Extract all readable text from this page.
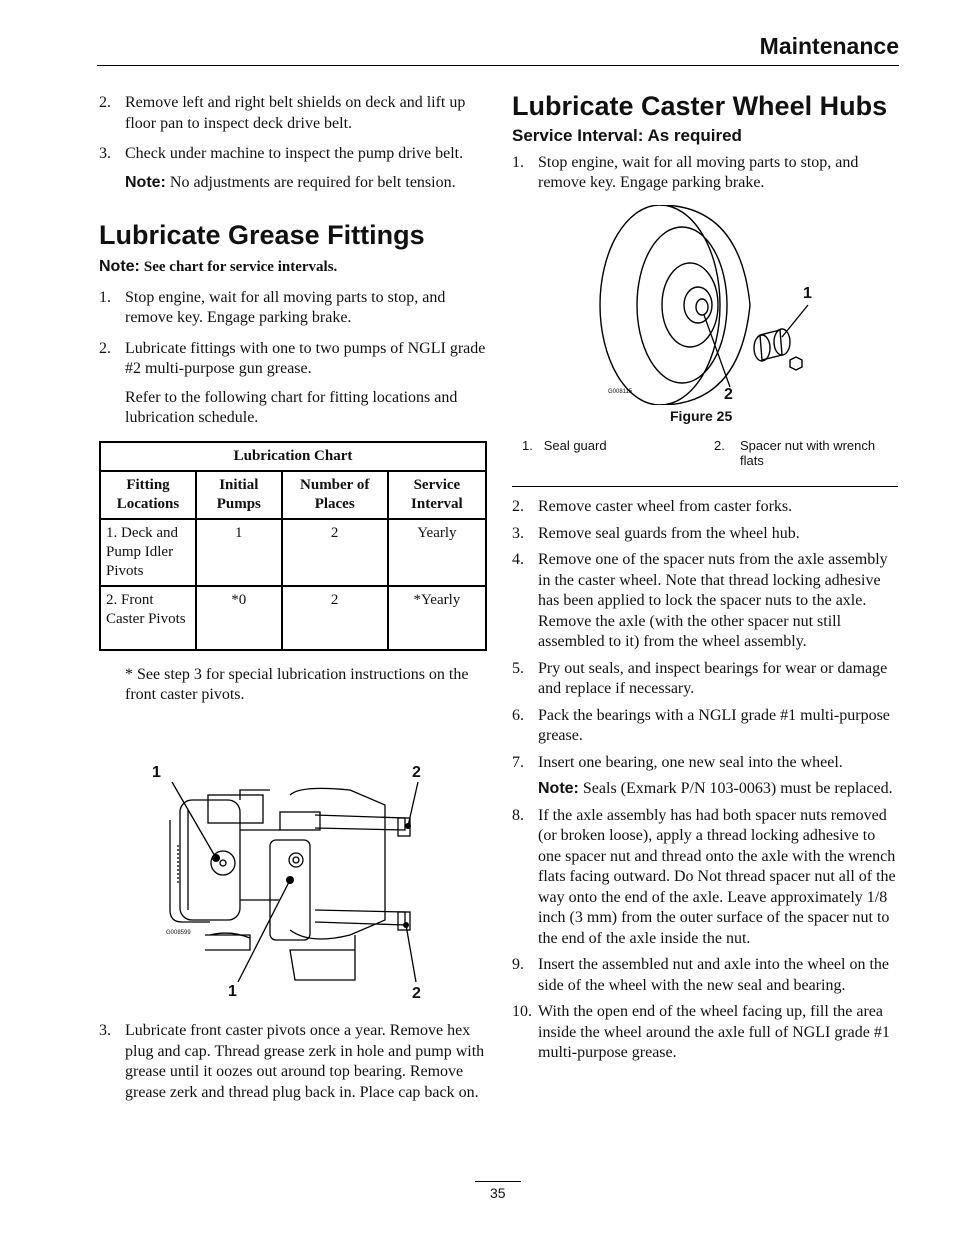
Maintenance
2. Remove left and right belt shields on deck and lift up floor pan to inspect deck drive belt.
3. Check under machine to inspect the pump drive belt.
Note: No adjustments are required for belt tension.
Lubricate Grease Fittings
Note: See chart for service intervals.
1. Stop engine, wait for all moving parts to stop, and remove key. Engage parking brake.
2. Lubricate fittings with one to two pumps of NGLI grade #2 multi-purpose gun grease.
Refer to the following chart for fitting locations and lubrication schedule.
Lubrication Chart			
Fitting Locations	Initial Pumps	Number of Places	Service Interval
1. Deck and Pump Idler Pivots	1	2	Yearly
2. Front Caster Pivots	*0	2	*Yearly
* See step 3 for special lubrication instructions on the front caster pivots.
1	2
1	2
G008599
3. Lubricate front caster pivots once a year. Remove hex plug and cap. Thread grease zerk in hole and pump with grease until it oozes out around top bearing. Remove grease zerk and thread plug back in. Place cap back on.
Lubricate Caster Wheel Hubs
Service Interval: As required
1. Stop engine, wait for all moving parts to stop, and remove key. Engage parking brake.
1
2
G008115
Figure 25
1. Seal guard	2.	Spacer nut with wrench flats
2. Remove caster wheel from caster forks.
3. Remove seal guards from the wheel hub.
4. Remove one of the spacer nuts from the axle assembly in the caster wheel. Note that thread locking adhesive has been applied to lock the spacer nuts to the axle. Remove the axle (with the other spacer nut still assembled to it) from the wheel assembly.
5. Pry out seals, and inspect bearings for wear or damage and replace if necessary.
6. Pack the bearings with a NGLI grade #1 multi-purpose grease.
7. Insert one bearing, one new seal into the wheel.
Note: Seals (Exmark P/N 103-0063) must be replaced.
8. If the axle assembly has had both spacer nuts removed (or broken loose), apply a thread locking adhesive to one spacer nut and thread onto the axle with the wrench flats facing outward. Do Not thread spacer nut all of the way onto the end of the axle. Leave approximately 1/8 inch (3 mm) from the outer surface of the spacer nut to the end of the axle inside the nut.
9. Insert the assembled nut and axle into the wheel on the side of the wheel with the new seal and bearing.
10. With the open end of the wheel facing up, fill the area inside the wheel around the axle full of NGLI grade #1 multi-purpose grease.
35
